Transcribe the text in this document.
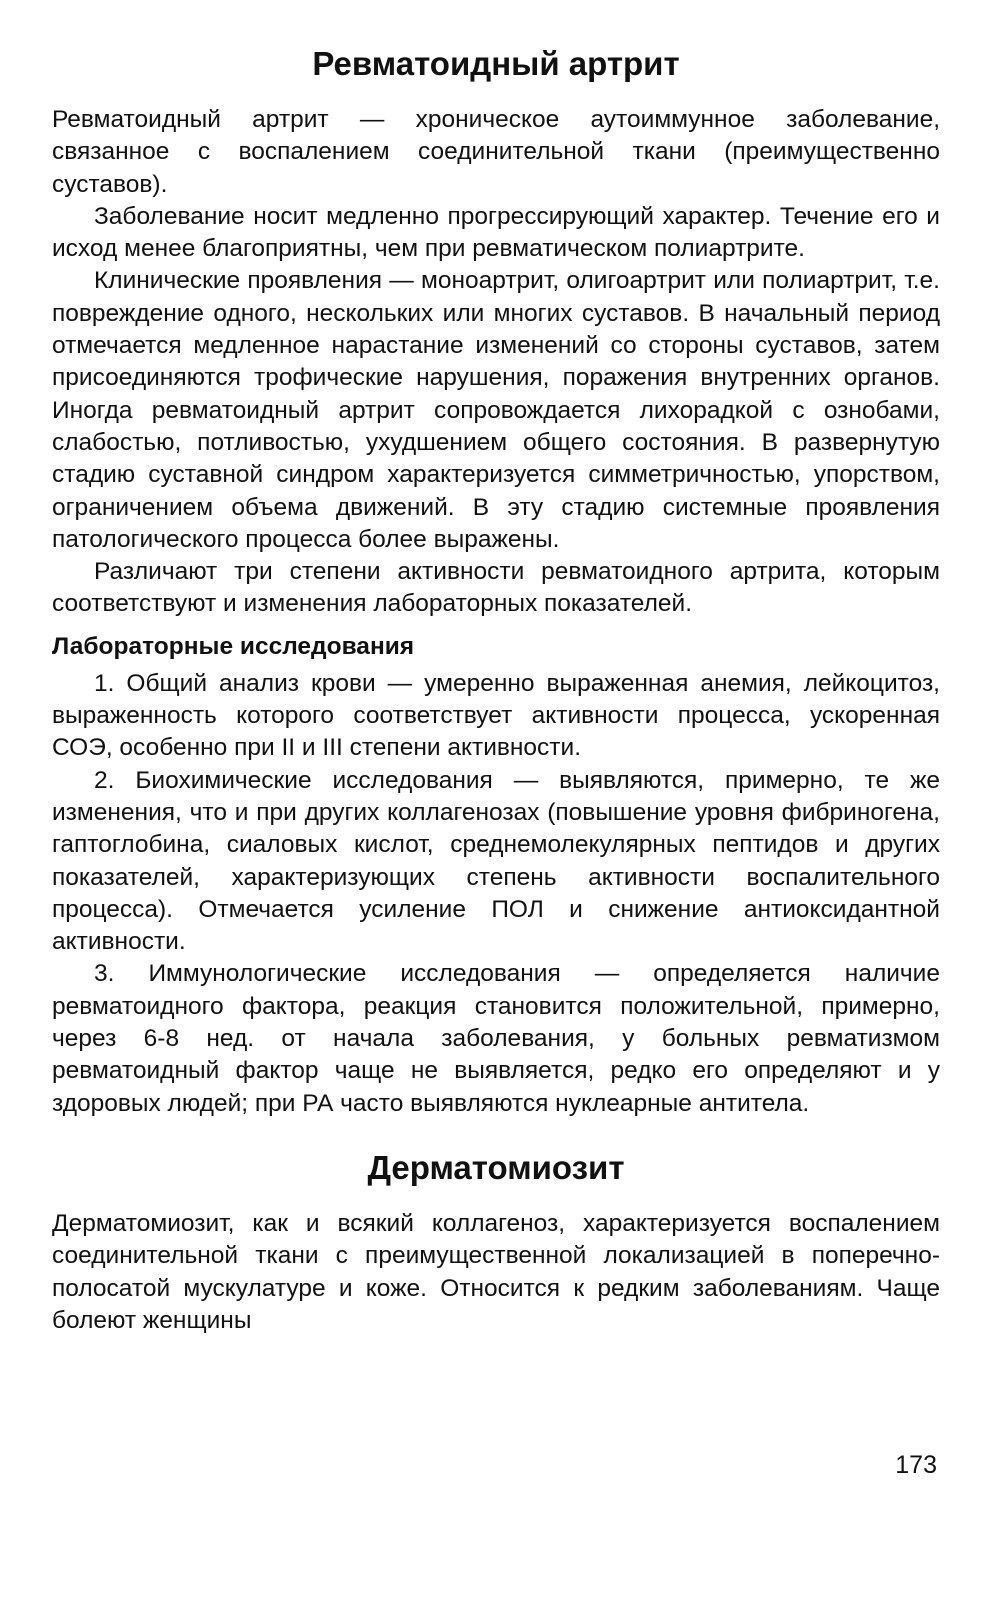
Ревматоидный артрит

Ревматоидный артрит — хроническое аутоиммунное заболевание, связанное с воспалением соединительной ткани (преимущественно суставов).

Заболевание носит медленно прогрессирующий характер. Течение его и исход менее благоприятны, чем при ревматическом полиартрите.

Клинические проявления — моноартрит, олигоартрит или полиартрит, т.е. повреждение одного, нескольких или многих суставов. В начальный период отмечается медленное нарастание изменений со стороны суставов, затем присоединяются трофические нарушения, поражения внутренних органов. Иногда ревматоидный артрит сопровождается лихорадкой с ознобами, слабостью, потливостью, ухудшением общего состояния. В развернутую стадию суставной синдром характеризуется симметричностью, упорством, ограничением объема движений. В эту стадию системные проявления патологического процесса более выражены.

Различают три степени активности ревматоидного артрита, которым соответствуют и изменения лабораторных показателей.

Лабораторные исследования

1. Общий анализ крови — умеренно выраженная анемия, лейкоцитоз, выраженность которого соответствует активности процесса, ускоренная СОЭ, особенно при II и III степени активности.

2. Биохимические исследования — выявляются, примерно, те же изменения, что и при других коллагенозах (повышение уровня фибриногена, гаптоглобина, сиаловых кислот, среднемолекулярных пептидов и других показателей, характеризующих степень активности воспалительного процесса). Отмечается усиление ПОЛ и снижение антиоксидантной активности.

3. Иммунологические исследования — определяется наличие ревматоидного фактора, реакция становится положительной, примерно, через 6-8 нед. от начала заболевания, у больных ревматизмом ревматоидный фактор чаще не выявляется, редко его определяют и у здоровых людей; при РА часто выявляются нуклеарные антитела.

Дерматомиозит

Дерматомиозит, как и всякий коллагеноз, характеризуется воспалением соединительной ткани с преимущественной локализацией в поперечно-полосатой мускулатуре и коже. Относится к редким заболеваниям. Чаще болеют женщины

173
